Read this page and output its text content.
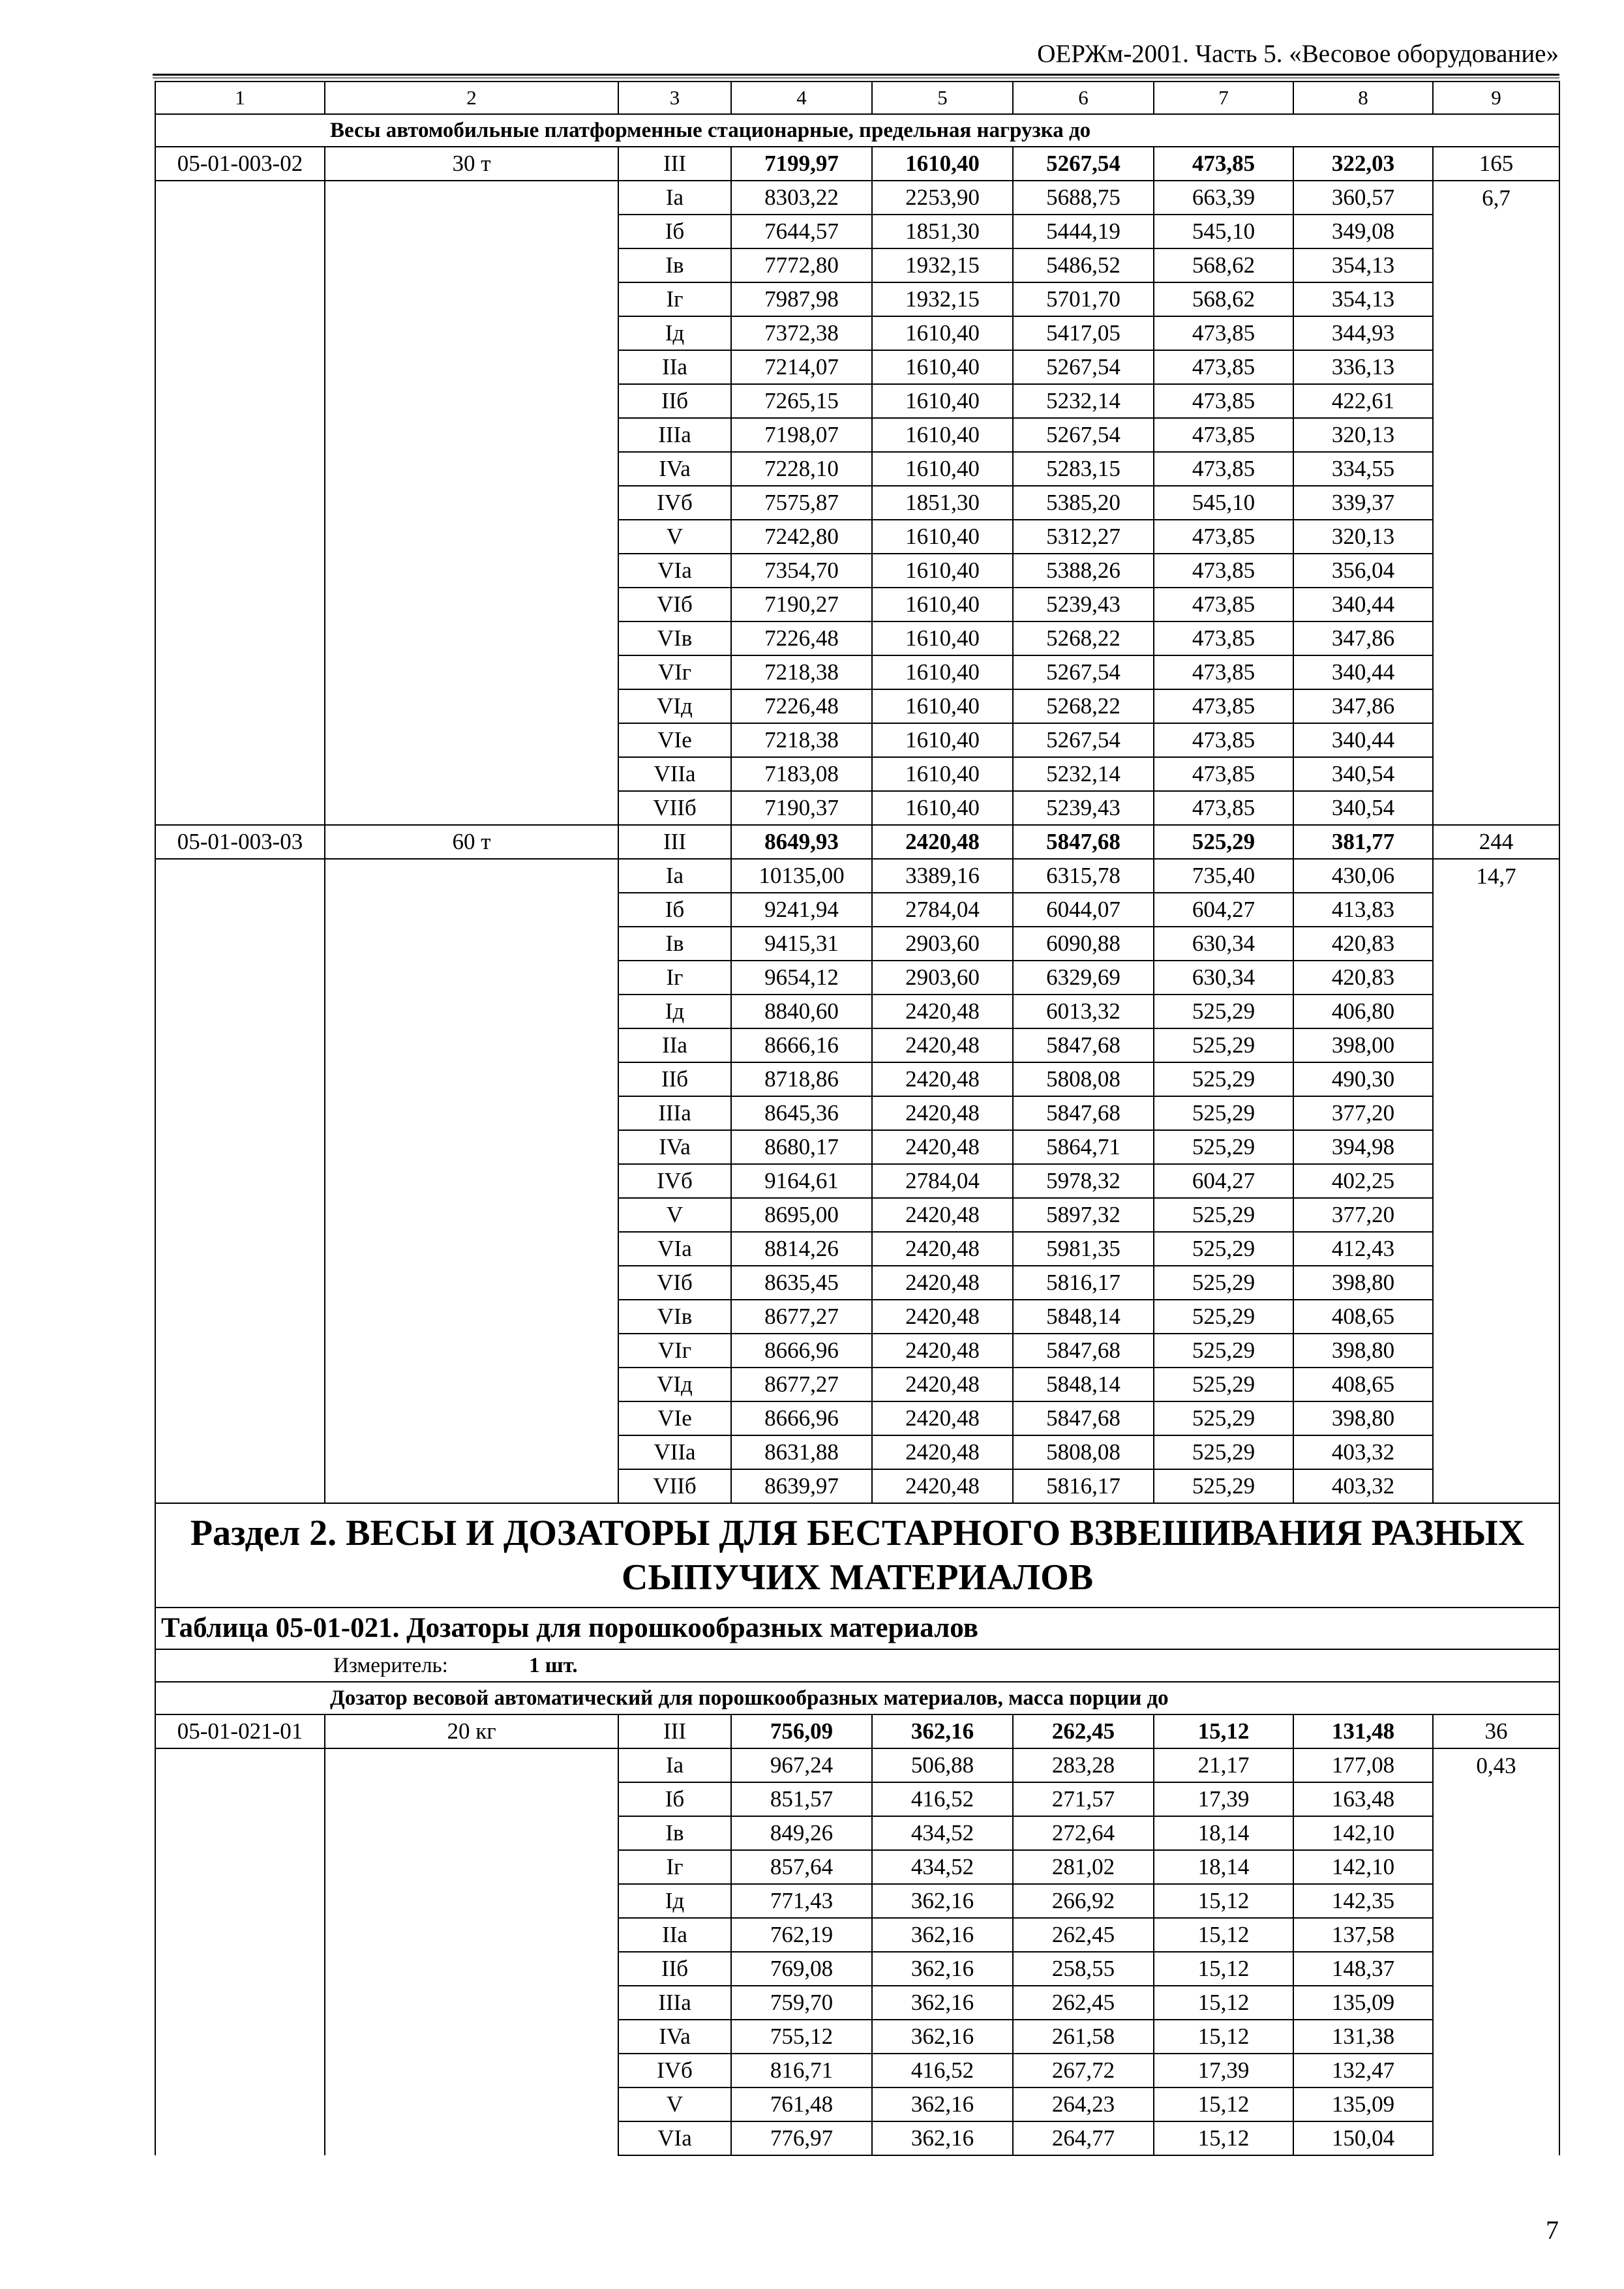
ОЕРЖм-2001. Часть 5. «Весовое оборудование»
1	2	3	4	5	6	7	8	9
Весы автомобильные платформенные стационарные, предельная нагрузка до								
05-01-003-02	30 т	III	7199,97	1610,40	5267,54	473,85	322,03	165
		Ia	8303,22	2253,90	5688,75	663,39	360,57	6,7
		Iб	7644,57	1851,30	5444,19	545,10	349,08	
		Iв	7772,80	1932,15	5486,52	568,62	354,13	
		Iг	7987,98	1932,15	5701,70	568,62	354,13	
		Iд	7372,38	1610,40	5417,05	473,85	344,93	
		IIa	7214,07	1610,40	5267,54	473,85	336,13	
		IIб	7265,15	1610,40	5232,14	473,85	422,61	
		IIIa	7198,07	1610,40	5267,54	473,85	320,13	
		IVa	7228,10	1610,40	5283,15	473,85	334,55	
		IVб	7575,87	1851,30	5385,20	545,10	339,37	
		V	7242,80	1610,40	5312,27	473,85	320,13	
		VIa	7354,70	1610,40	5388,26	473,85	356,04	
		VIб	7190,27	1610,40	5239,43	473,85	340,44	
		VIв	7226,48	1610,40	5268,22	473,85	347,86	
		VIг	7218,38	1610,40	5267,54	473,85	340,44	
		VIд	7226,48	1610,40	5268,22	473,85	347,86	
		VIe	7218,38	1610,40	5267,54	473,85	340,44	
		VIIa	7183,08	1610,40	5232,14	473,85	340,54	
		VIIб	7190,37	1610,40	5239,43	473,85	340,54	
05-01-003-03	60 т	III	8649,93	2420,48	5847,68	525,29	381,77	244
		Ia	10135,00	3389,16	6315,78	735,40	430,06	14,7
		Iб	9241,94	2784,04	6044,07	604,27	413,83	
		Iв	9415,31	2903,60	6090,88	630,34	420,83	
		Iг	9654,12	2903,60	6329,69	630,34	420,83	
		Iд	8840,60	2420,48	6013,32	525,29	406,80	
		IIa	8666,16	2420,48	5847,68	525,29	398,00	
		IIб	8718,86	2420,48	5808,08	525,29	490,30	
		IIIa	8645,36	2420,48	5847,68	525,29	377,20	
		IVa	8680,17	2420,48	5864,71	525,29	394,98	
		IVб	9164,61	2784,04	5978,32	604,27	402,25	
		V	8695,00	2420,48	5897,32	525,29	377,20	
		VIa	8814,26	2420,48	5981,35	525,29	412,43	
		VIб	8635,45	2420,48	5816,17	525,29	398,80	
		VIв	8677,27	2420,48	5848,14	525,29	408,65	
		VIг	8666,96	2420,48	5847,68	525,29	398,80	
		VIд	8677,27	2420,48	5848,14	525,29	408,65	
		VIe	8666,96	2420,48	5847,68	525,29	398,80	
		VIIa	8631,88	2420,48	5808,08	525,29	403,32	
		VIIб	8639,97	2420,48	5816,17	525,29	403,32	
Раздел 2. ВЕСЫ И ДОЗАТОРЫ ДЛЯ БЕСТАРНОГО ВЗВЕШИВАНИЯ РАЗНЫХ СЫПУЧИХ МАТЕРИАЛОВ								
Таблица 05-01-021. Дозаторы для порошкообразных материалов								
Измеритель: 1 шт.								
Дозатор весовой автоматический для порошкообразных материалов, масса порции до								
05-01-021-01	20 кг	III	756,09	362,16	262,45	15,12	131,48	36
		Ia	967,24	506,88	283,28	21,17	177,08	0,43
		Iб	851,57	416,52	271,57	17,39	163,48	
		Iв	849,26	434,52	272,64	18,14	142,10	
		Iг	857,64	434,52	281,02	18,14	142,10	
		Iд	771,43	362,16	266,92	15,12	142,35	
		IIa	762,19	362,16	262,45	15,12	137,58	
		IIб	769,08	362,16	258,55	15,12	148,37	
		IIIa	759,70	362,16	262,45	15,12	135,09	
		IVa	755,12	362,16	261,58	15,12	131,38	
		IVб	816,71	416,52	267,72	17,39	132,47	
		V	761,48	362,16	264,23	15,12	135,09	
		VIa	776,97	362,16	264,77	15,12	150,04	
7
